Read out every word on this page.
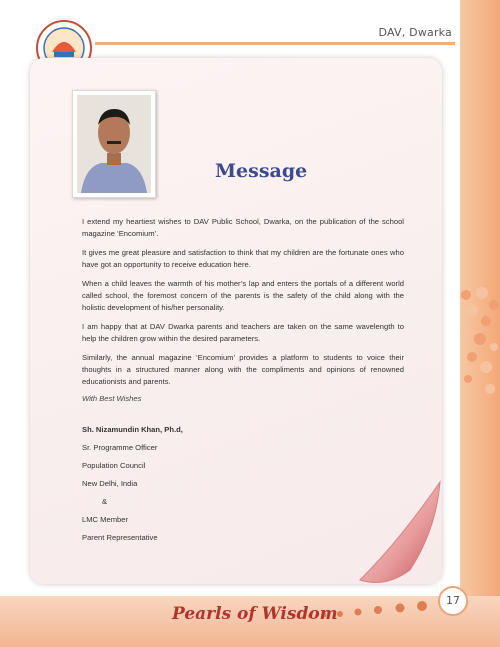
DAV, Dwarka
Message

I extend my heartiest wishes to DAV Public School, Dwarka, on the publication of the school magazine ‘Encomium’.

It gives me great pleasure and satisfaction to think that my children are the fortunate ones who have got an opportunity to receive education here.

When a child leaves the warmth of his mother’s lap and enters the portals of a different world called school, the foremost concern of the parents is the safety of the child along with the holistic development of his/her personality.

I am happy that at DAV Dwarka parents and teachers are taken on the same wavelength to help the children grow within the desired parameters.

Similarly, the annual magazine ‘Encomium’ provides a platform to students to voice their thoughts in a structured manner along with the compliments and opinions of renowned educationists and parents.

With Best Wishes
Sh. Nizamundin Khan, Ph.d,
Sr. Programme Officer
Population Council
New Delhi, India
&
LMC Member
Parent Representative
Pearls of Wisdom
17
